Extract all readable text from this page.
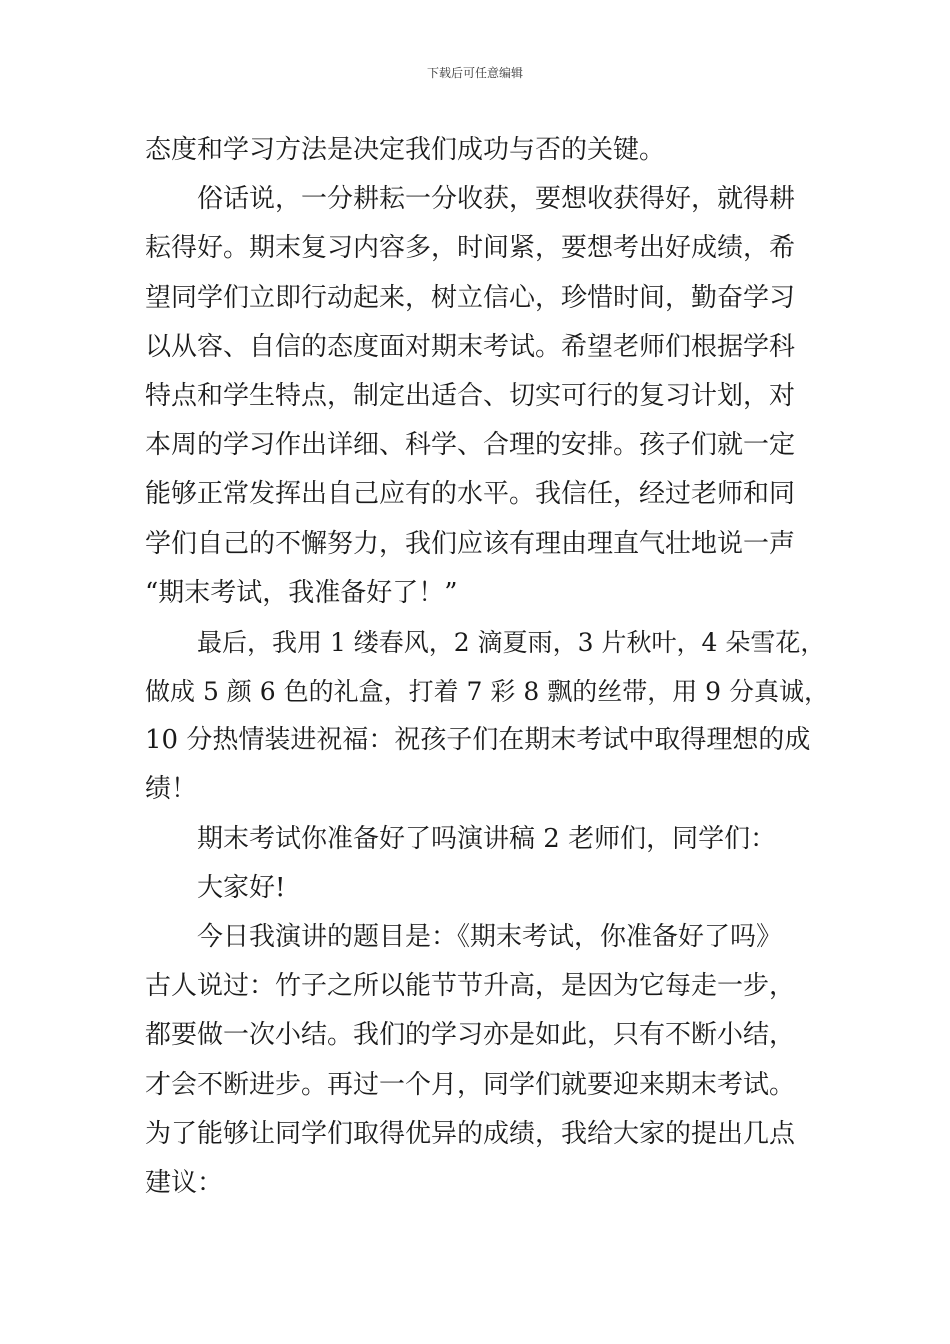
下载后可任意编辑
态度和学习方法是决定我们成功与否的关键。
俗话说，一分耕耘一分收获，要想收获得好，就得耕
耘得好。期末复习内容多，时间紧，要想考出好成绩，希
望同学们立即行动起来，树立信心，珍惜时间，勤奋学习
以从容、自信的态度面对期末考试。希望老师们根据学科
特点和学生特点，制定出适合、切实可行的复习计划，对
本周的学习作出详细、科学、合理的安排。孩子们就一定
能够正常发挥出自己应有的水平。我信任，经过老师和同
学们自己的不懈努力，我们应该有理由理直气壮地说一声
“期末考试，我准备好了！”
最后，我用 1 缕春风，2 滴夏雨，3 片秋叶，4 朵雪花，
做成 5 颜 6 色的礼盒，打着 7 彩 8 飘的丝带，用 9 分真诚，
10 分热情装进祝福：祝孩子们在期末考试中取得理想的成
绩！
期末考试你准备好了吗演讲稿 2 老师们，同学们：
大家好!
今日我演讲的题目是：《期末考试，你准备好了吗》
古人说过：竹子之所以能节节升高，是因为它每走一步，
都要做一次小结。我们的学习亦是如此，只有不断小结，
才会不断进步。再过一个月，同学们就要迎来期末考试。
为了能够让同学们取得优异的成绩，我给大家的提出几点
建议：
